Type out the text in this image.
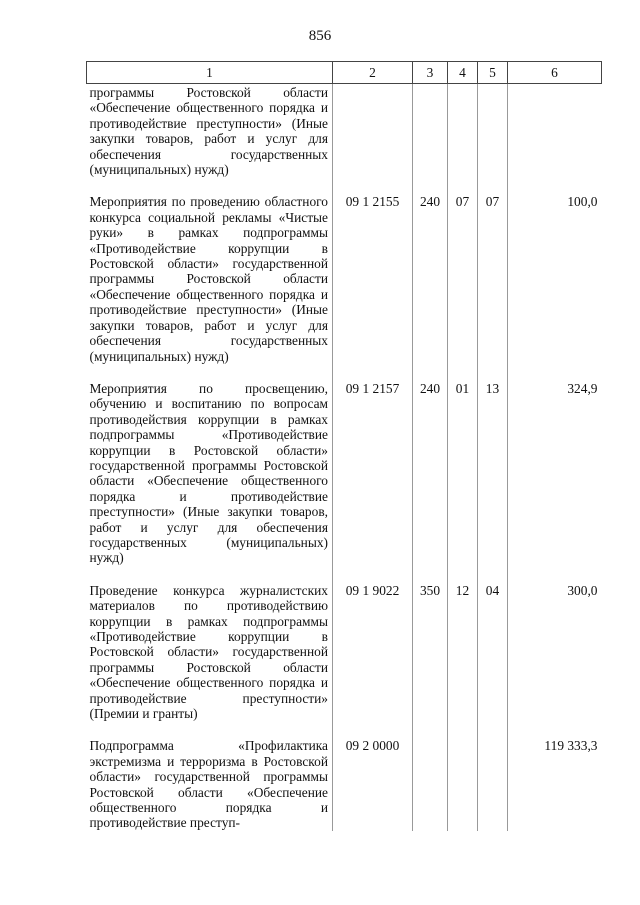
856
1	2	3	4	5	6
программы Ростовской области «Обеспечение общественного порядка и противодействие преступности» (Иные закупки товаров, работ и услуг для обеспечения государственных (муниципальных) нужд)					
Мероприятия по проведению областного конкурса социальной рекламы «Чистые руки» в рамках подпрограммы «Противодействие коррупции в Ростовской области» государственной программы Ростовской области «Обеспечение общественного порядка и противодействие преступности» (Иные закупки товаров, работ и услуг для обеспечения государственных (муниципальных) нужд)	09 1 2155	240	07	07	100,0
Мероприятия по просвещению, обучению и воспитанию по вопросам противодействия коррупции в рамках подпрограммы «Противодействие коррупции в Ростовской области» государственной программы Ростовской области «Обеспечение общественного порядка и противодействие преступности» (Иные закупки товаров, работ и услуг для обеспечения государственных (муниципальных) нужд)	09 1 2157	240	01	13	324,9
Проведение конкурса журналистских материалов по противодействию коррупции в рамках подпрограммы «Противодействие коррупции в Ростовской области» государственной программы Ростовской области «Обеспечение общественного порядка и противодействие преступности» (Премии и гранты)	09 1 9022	350	12	04	300,0
Подпрограмма «Профилактика экстремизма и терроризма в Ростовской области» государственной программы Ростовской области «Обеспечение общественного порядка и противодействие преступ-	09 2 0000				119 333,3
